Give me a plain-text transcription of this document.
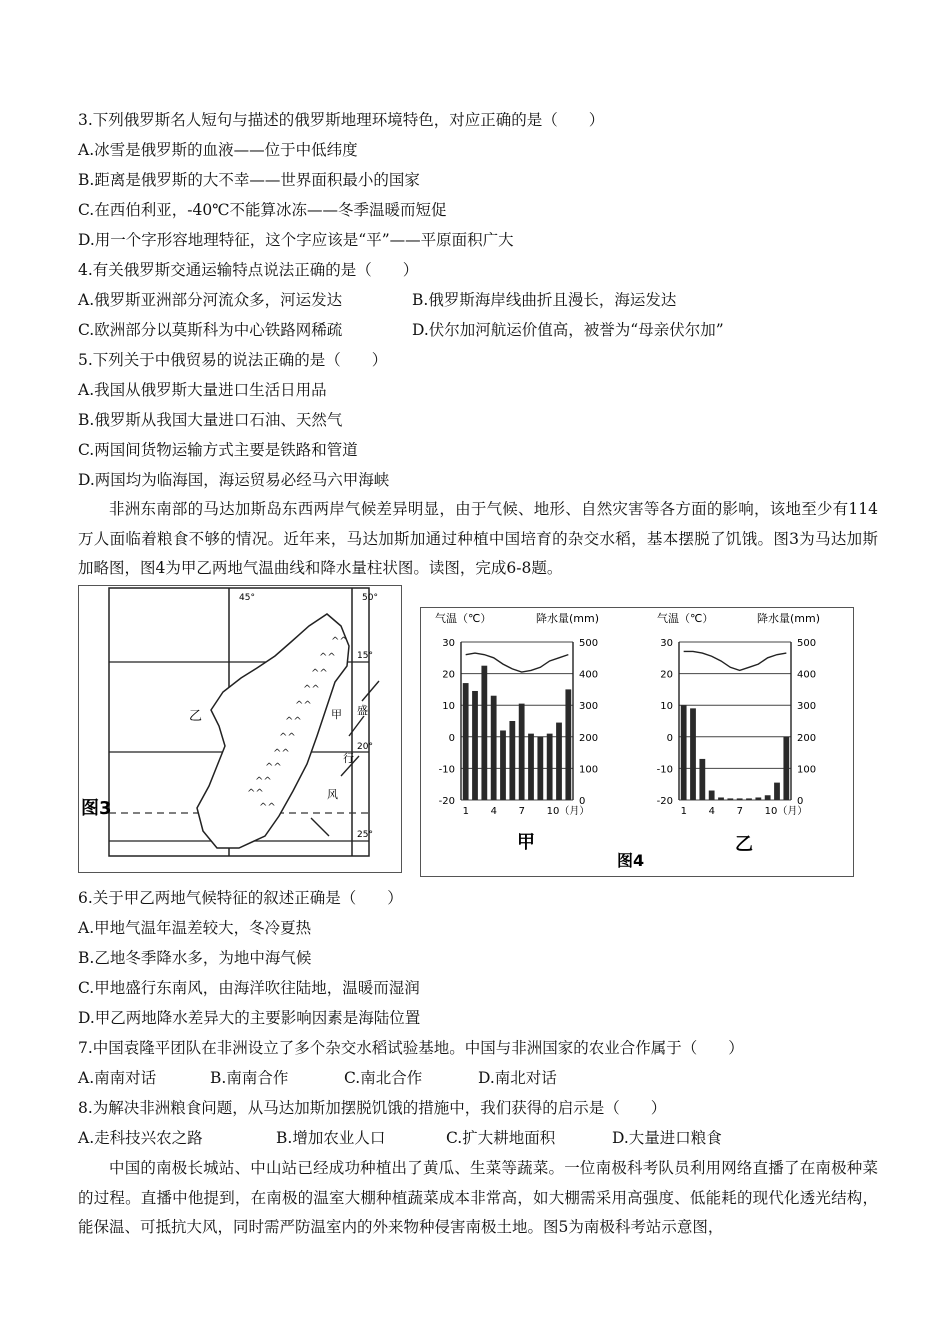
3.下列俄罗斯名人短句与描述的俄罗斯地理环境特色，对应正确的是（　　）
A.冰雪是俄罗斯的血液——位于中低纬度
B.距离是俄罗斯的大不幸——世界面积最小的国家
C.在西伯利亚，-40℃不能算冰冻——冬季温暖而短促
D.用一个字形容地理特征，这个字应该是“平”——平原面积广大
4.有关俄罗斯交通运输特点说法正确的是（　　）
A.俄罗斯亚洲部分河流众多，河运发达	B.俄罗斯海岸线曲折且漫长，海运发达
C.欧洲部分以莫斯科为中心铁路网稀疏	D.伏尔加河航运价值高，被誉为“母亲伏尔加”
5.下列关于中俄贸易的说法正确的是（　　）
A.我国从俄罗斯大量进口生活日用品
B.俄罗斯从我国大量进口石油、天然气
C.两国间货物运输方式主要是铁路和管道
D.两国均为临海国，海运贸易必经马六甲海峡

非洲东南部的马达加斯岛东西两岸气候差异明显，由于气候、地形、自然灾害等各方面的影响，该地至少有114万人面临着粮食不够的情况。近年来，马达加斯加通过种植中国培育的杂交水稻，基本摆脱了饥饿。图3为马达加斯加略图，图4为甲乙两地气温曲线和降水量柱状图。读图，完成6-8题。

^^
^^
^^
^^
^^
^^
^^
^^
^^
^^
^^
^^
45°	50°
15°
20°
25°
乙	甲 盛
行
风
图3
气温（℃）	降水量(mm)	气温（℃）	降水量(mm)
30	500
20	400
10	300
0	200
-10	100
-20	0
1 4 7 10（月）
30	500
20	400
10	300
0	200
-10	100
-20	0
1 4 7 10（月）
甲	乙
图4
6.关于甲乙两地气候特征的叙述正确是（　　）
A.甲地气温年温差较大，冬冷夏热
B.乙地冬季降水多，为地中海气候
C.甲地盛行东南风，由海洋吹往陆地，温暖而湿润
D.甲乙两地降水差异大的主要影响因素是海陆位置
7.中国袁隆平团队在非洲设立了多个杂交水稻试验基地。中国与非洲国家的农业合作属于（　　）
A.南南对话	B.南南合作	C.南北合作	D.南北对话
8.为解决非洲粮食问题，从马达加斯加摆脱饥饿的措施中，我们获得的启示是（　　）
A.走科技兴农之路	B.增加农业人口	C.扩大耕地面积	D.大量进口粮食

中国的南极长城站、中山站已经成功种植出了黄瓜、生菜等蔬菜。一位南极科考队员利用网络直播了在南极种菜的过程。直播中他提到，在南极的温室大棚种植蔬菜成本非常高，如大棚需采用高强度、低能耗的现代化透光结构，能保温、可抵抗大风，同时需严防温室内的外来物种侵害南极土地。图5为南极科考站示意图，
